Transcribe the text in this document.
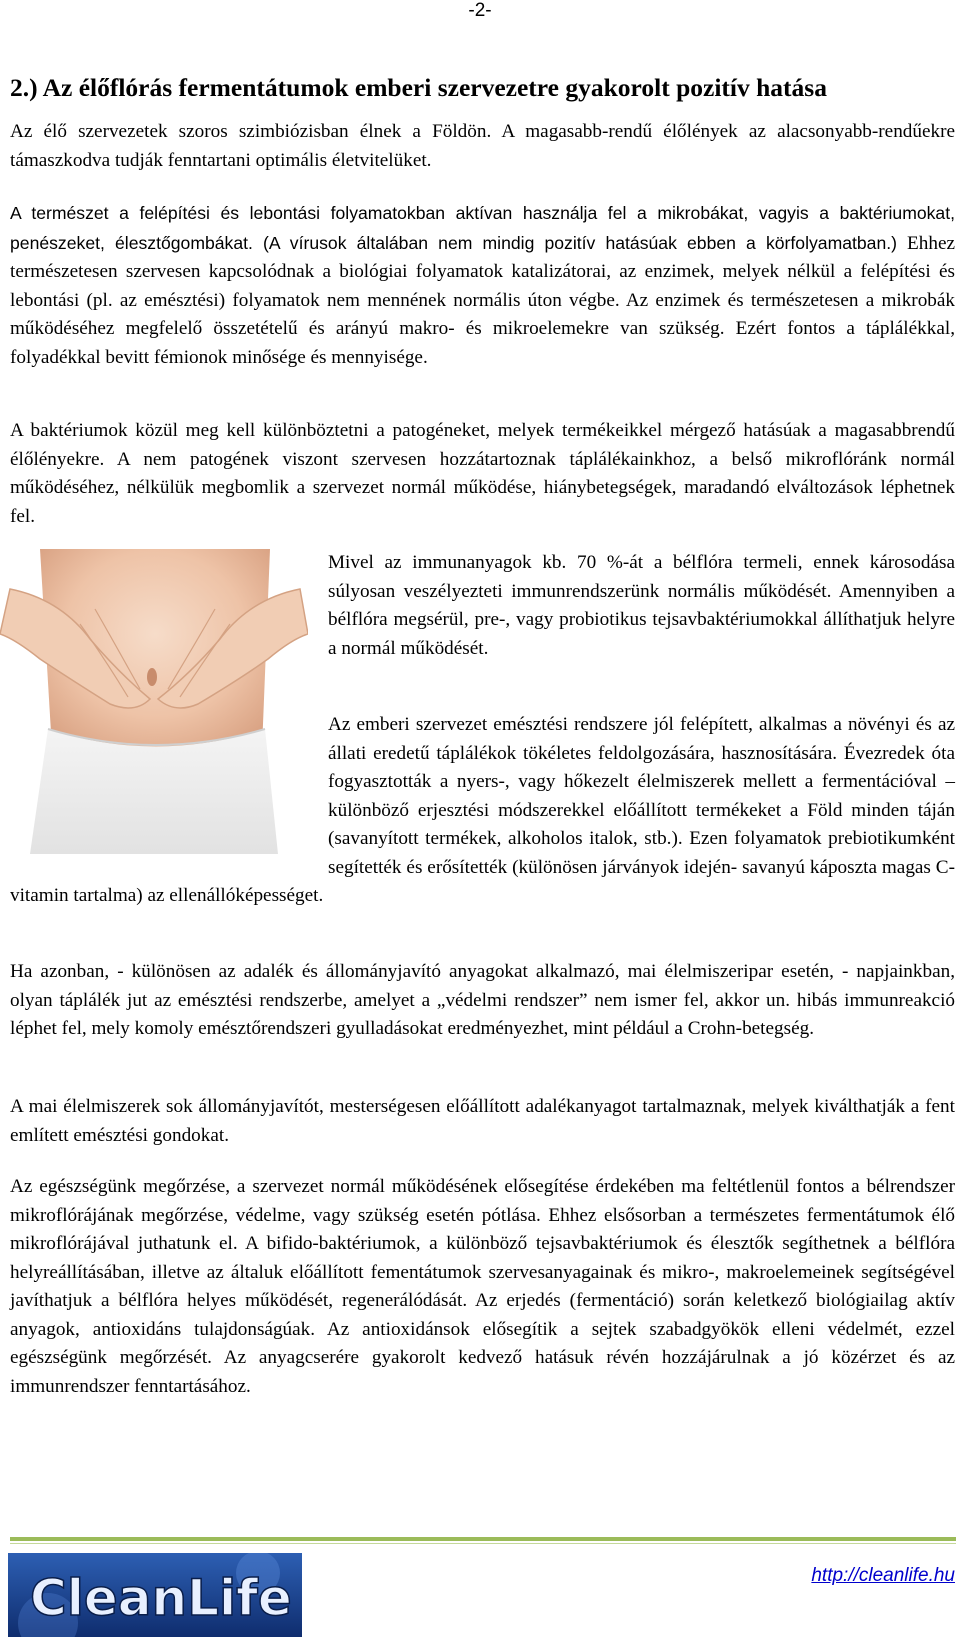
-2-
2.) Az élőflórás fermentátumok emberi szervezetre gyakorolt pozitív hatása

Az élő szervezetek szoros szimbiózisban élnek a Földön. A magasabb-rendű élőlények az alacsonyabb-rendűekre támaszkodva tudják fenntartani optimális életvitelüket.

A természet a felépítési és lebontási folyamatokban aktívan használja fel a mikrobákat, vagyis a baktériumokat, penészeket, élesztőgombákat. (A vírusok általában nem mindig pozitív hatásúak ebben a körfolyamatban.) Ehhez természetesen szervesen kapcsolódnak a biológiai folyamatok katalizátorai, az enzimek, melyek nélkül a felépítési és lebontási (pl. az emésztési) folyamatok nem mennének normális úton végbe. Az enzimek és természetesen a mikrobák működéséhez megfelelő összetételű és arányú makro- és mikroelemekre van szükség. Ezért fontos a táplálékkal, folyadékkal bevitt fémionok minősége és mennyisége.

A baktériumok közül meg kell különböztetni a patogéneket, melyek termékeikkel mérgező hatásúak a magasabbrendű élőlényekre. A nem patogének viszont szervesen hozzátartoznak táplálékainkhoz, a belső mikroflóránk normál működéséhez, nélkülük megbomlik a szervezet normál működése, hiánybetegségek, maradandó elváltozások léphetnek fel.

Mivel az immunanyagok kb. 70 %-át a bélflóra termeli, ennek károsodása súlyosan veszélyezteti immunrendszerünk normális működését. Amennyiben a bélflóra megsérül, pre-, vagy probiotikus tejsavbaktériumokkal állíthatjuk helyre a normál működését.
Az emberi szervezet emésztési rendszere jól felépített, alkalmas a növényi és az állati eredetű táplálékok tökéletes feldolgozására, hasznosítására. Évezredek óta fogyasztották a nyers-, vagy hőkezelt élelmiszerek mellett a fermentációval – különböző erjesztési módszerekkel előállított termékeket a Föld minden táján (savanyított termékek, alkoholos italok, stb.). Ezen folyamatok prebiotikumként segítették és erősítették (különösen járványok idején- savanyú káposzta magas C-vitamin tartalma) az ellenállóképességet.

Ha azonban, - különösen az adalék és állományjavító anyagokat alkalmazó, mai élelmiszeripar esetén, - napjainkban, olyan táplálék jut az emésztési rendszerbe, amelyet a „védelmi rendszer” nem ismer fel, akkor un. hibás immunreakció léphet fel, mely komoly emésztőrendszeri gyulladásokat eredményezhet, mint például a Crohn-betegség.

A mai élelmiszerek sok állományjavítót, mesterségesen előállított adalékanyagot tartalmaznak, melyek kiválthatják a fent említett emésztési gondokat.

Az egészségünk megőrzése, a szervezet normál működésének elősegítése érdekében ma feltétlenül fontos a bélrendszer mikroflórájának megőrzése, védelme, vagy szükség esetén pótlása. Ehhez elsősorban a természetes fermentátumok élő mikroflórájával juthatunk el. A bifido-baktériumok, a különböző tejsavbaktériumok és élesztők segíthetnek a bélflóra helyreállításában, illetve az általuk előállított fementátumok szervesanyagainak és mikro-, makroelemeinek segítségével javíthatjuk a bélflóra helyes működését, regenerálódását. Az erjedés (fermentáció) során keletkező biológiailag aktív anyagok, antioxidáns tulajdonságúak. Az antioxidánsok elősegítik a sejtek szabadgyökök elleni védelmét, ezzel egészségünk megőrzését. Az anyagcserére gyakorolt kedvező hatásuk révén hozzájárulnak a jó közérzet és az immunrendszer fenntartásához.

CleanLife	http://cleanlife.hu
